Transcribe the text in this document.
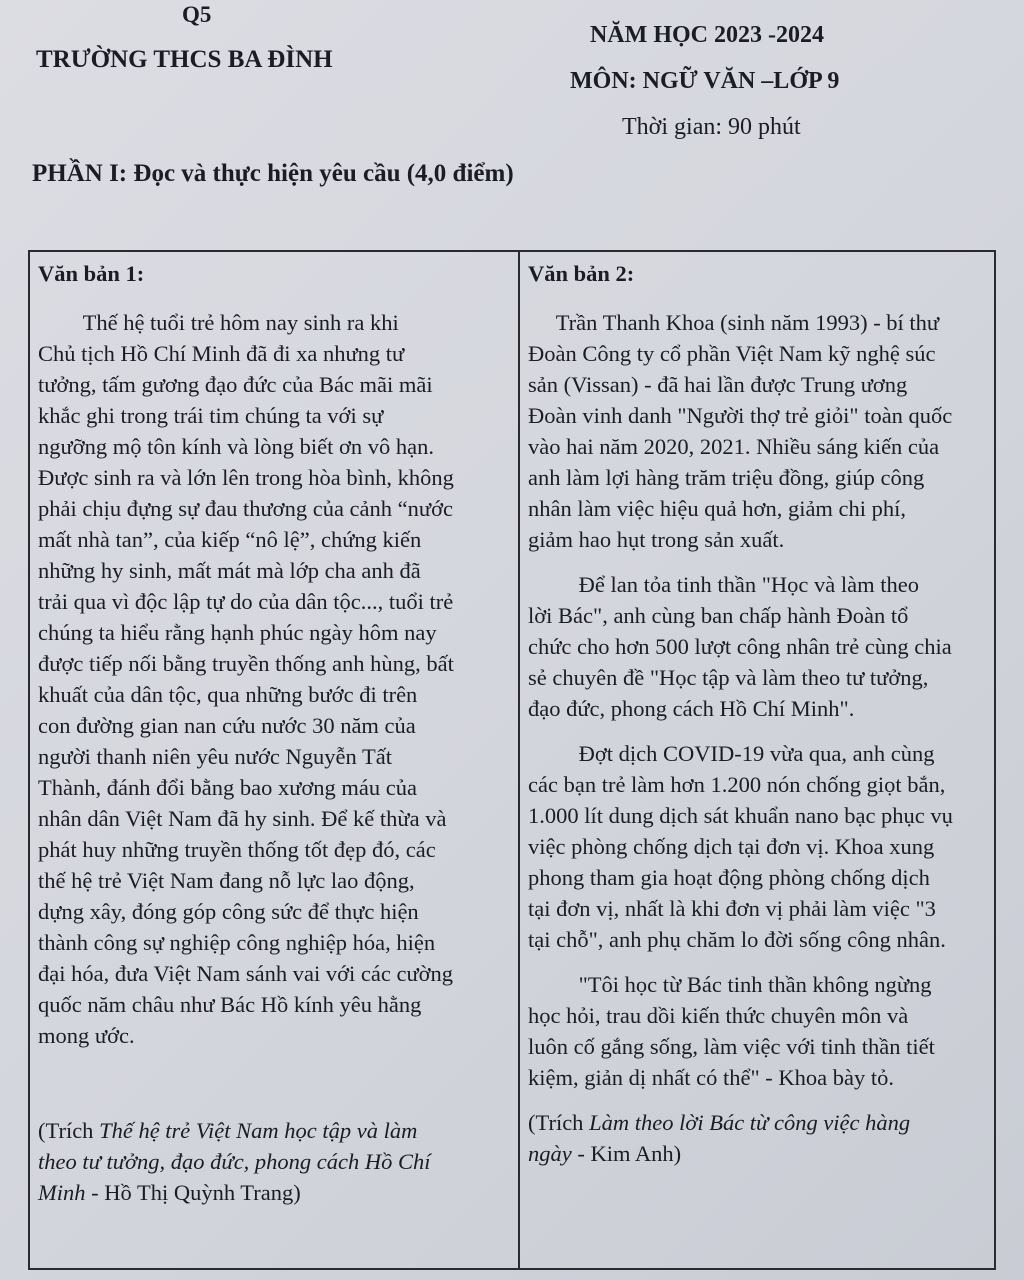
Q5
TRƯỜNG THCS BA ĐÌNH
NĂM HỌC 2023 -2024
MÔN: NGỮ VĂN –LỚP 9
Thời gian: 90 phút
PHẦN I: Đọc và thực hiện yêu cầu (4,0 điểm)
Văn bản 1:
Thế hệ tuổi trẻ hôm nay sinh ra khi
Chủ tịch Hồ Chí Minh đã đi xa nhưng tư
tưởng, tấm gương đạo đức của Bác mãi mãi
khắc ghi trong trái tim chúng ta với sự
ngưỡng mộ tôn kính và lòng biết ơn vô hạn.
Được sinh ra và lớn lên trong hòa bình, không
phải chịu đựng sự đau thương của cảnh “nước
mất nhà tan”, của kiếp “nô lệ”, chứng kiến
những hy sinh, mất mát mà lớp cha anh đã
trải qua vì độc lập tự do của dân tộc..., tuổi trẻ
chúng ta hiểu rằng hạnh phúc ngày hôm nay
được tiếp nối bằng truyền thống anh hùng, bất
khuất của dân tộc, qua những bước đi trên
con đường gian nan cứu nước 30 năm của
người thanh niên yêu nước Nguyễn Tất
Thành, đánh đổi bằng bao xương máu của
nhân dân Việt Nam đã hy sinh. Để kế thừa và
phát huy những truyền thống tốt đẹp đó, các
thế hệ trẻ Việt Nam đang nỗ lực lao động,
dựng xây, đóng góp công sức để thực hiện
thành công sự nghiệp công nghiệp hóa, hiện
đại hóa, đưa Việt Nam sánh vai với các cường
quốc năm châu như Bác Hồ kính yêu hằng
mong ước.
(Trích Thế hệ trẻ Việt Nam học tập và làm
theo tư tưởng, đạo đức, phong cách Hồ Chí
Minh - Hồ Thị Quỳnh Trang)
Văn bản 2:
Trần Thanh Khoa (sinh năm 1993) - bí thư
Đoàn Công ty cổ phần Việt Nam kỹ nghệ súc
sản (Vissan) - đã hai lần được Trung ương
Đoàn vinh danh "Người thợ trẻ giỏi" toàn quốc
vào hai năm 2020, 2021. Nhiều sáng kiến của
anh làm lợi hàng trăm triệu đồng, giúp công
nhân làm việc hiệu quả hơn, giảm chi phí,
giảm hao hụt trong sản xuất.
Để lan tỏa tinh thần "Học và làm theo
lời Bác", anh cùng ban chấp hành Đoàn tổ
chức cho hơn 500 lượt công nhân trẻ cùng chia
sẻ chuyên đề "Học tập và làm theo tư tưởng,
đạo đức, phong cách Hồ Chí Minh".
Đợt dịch COVID-19 vừa qua, anh cùng
các bạn trẻ làm hơn 1.200 nón chống giọt bắn,
1.000 lít dung dịch sát khuẩn nano bạc phục vụ
việc phòng chống dịch tại đơn vị. Khoa xung
phong tham gia hoạt động phòng chống dịch
tại đơn vị, nhất là khi đơn vị phải làm việc "3
tại chỗ", anh phụ chăm lo đời sống công nhân.
"Tôi học từ Bác tinh thần không ngừng
học hỏi, trau dồi kiến thức chuyên môn và
luôn cố gắng sống, làm việc với tinh thần tiết
kiệm, giản dị nhất có thể" - Khoa bày tỏ.
(Trích Làm theo lời Bác từ công việc hàng
ngày - Kim Anh)
